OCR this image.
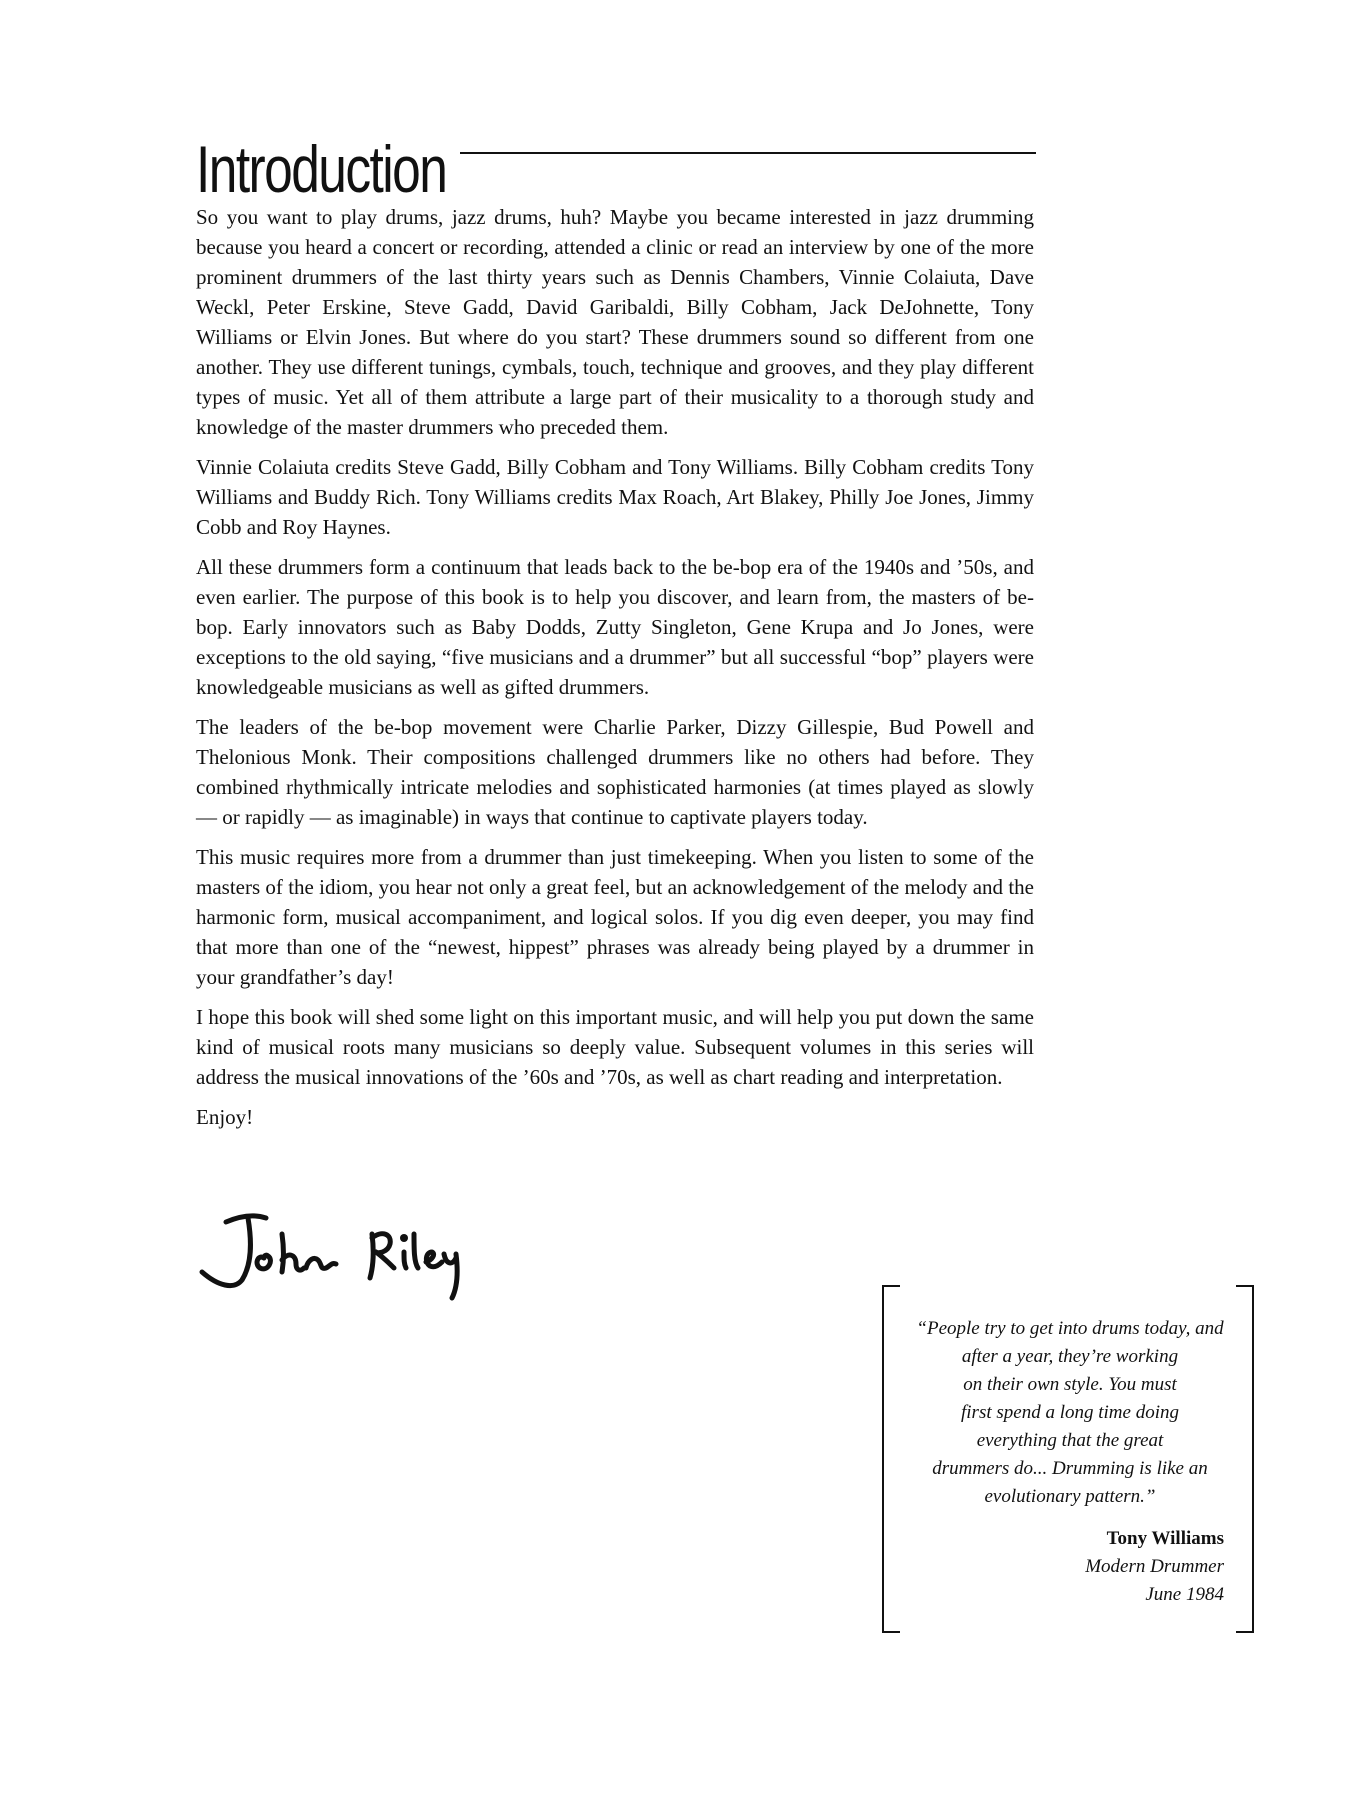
Introduction

So you want to play drums, jazz drums, huh? Maybe you became interested in jazz drumming because you heard a concert or recording, attended a clinic or read an interview by one of the more prominent drummers of the last thirty years such as Dennis Chambers, Vinnie Colaiuta, Dave Weckl, Peter Erskine, Steve Gadd, David Garibaldi, Billy Cobham, Jack DeJohnette, Tony Williams or Elvin Jones. But where do you start? These drummers sound so different from one another. They use different tunings, cymbals, touch, technique and grooves, and they play different types of music. Yet all of them attribute a large part of their musicality to a thorough study and knowledge of the master drummers who preceded them.

Vinnie Colaiuta credits Steve Gadd, Billy Cobham and Tony Williams. Billy Cobham credits Tony Williams and Buddy Rich. Tony Williams credits Max Roach, Art Blakey, Philly Joe Jones, Jimmy Cobb and Roy Haynes.

All these drummers form a continuum that leads back to the be-bop era of the 1940s and ’50s, and even earlier. The purpose of this book is to help you discover, and learn from, the masters of be-bop. Early innovators such as Baby Dodds, Zutty Singleton, Gene Krupa and Jo Jones, were exceptions to the old saying, “five musicians and a drummer” but all successful “bop” players were knowledgeable musicians as well as gifted drummers.

The leaders of the be-bop movement were Charlie Parker, Dizzy Gillespie, Bud Powell and Thelonious Monk. Their compositions challenged drummers like no others had before. They combined rhythmically intricate melodies and sophisticated harmonies (at times played as slowly — or rapidly — as imaginable) in ways that continue to captivate players today.

This music requires more from a drummer than just timekeeping. When you listen to some of the masters of the idiom, you hear not only a great feel, but an acknowledgement of the melody and the harmonic form, musical accompaniment, and logical solos. If you dig even deeper, you may find that more than one of the “newest, hippest” phrases was already being played by a drummer in your grandfather’s day!

I hope this book will shed some light on this important music, and will help you put down the same kind of musical roots many musicians so deeply value. Subsequent volumes in this series will address the musical innovations of the ’60s and ’70s, as well as chart reading and interpretation.

Enjoy!

“People try to get into drums today, and
after a year, they’re working
on their own style. You must
first spend a long time doing
everything that the great
drummers do... Drumming is like an
evolutionary pattern.”

Tony Williams
Modern Drummer
June 1984
